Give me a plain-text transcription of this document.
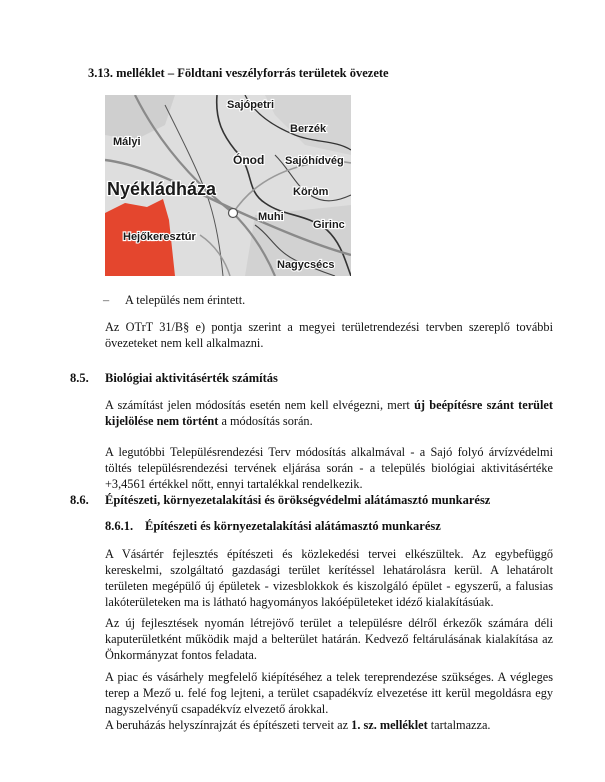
3.13. melléklet – Földtani veszélyforrás területek övezete
Sajópetri
Berzék
Mályi
Ónod Sajóhídvég
Nyékládháza	Köröm
Muhi
Girinc
Hejőkeresztúr
Nagycsécs
– A település nem érintett.

Az OTrT 31/B§ e) pontja szerint a megyei területrendezési tervben szereplő további övezeteket nem kell alkalmazni.

8.5. Biológiai aktivitásérték számítás

A számítást jelen módosítás esetén nem kell elvégezni, mert új beépítésre szánt terület kijelölése nem történt a módosítás során.

A legutóbbi Településrendezési Terv módosítás alkalmával - a Sajó folyó árvízvédelmi töltés településrendezési tervének eljárása során - a település biológiai aktivitásértéke +3,4561 értékkel nőtt, ennyi tartalékkal rendelkezik.

8.6. Építészeti, környezetalakítási és örökségvédelmi alátámasztó munkarész
8.6.1. Építészeti és környezetalakítási alátámasztó munkarész

A Vásártér fejlesztés építészeti és közlekedési tervei elkészültek. Az egybefüggő kereskelmi, szolgáltató gazdasági terület kerítéssel lehatárolásra kerül. A lehatárolt területen megépülő új épületek - vizesblokkok és kiszolgáló épület - egyszerű, a falusias lakóterületeken ma is látható hagyományos lakóépületeket idéző kialakításúak.

Az új fejlesztések nyomán létrejövő terület a településre délről érkezők számára déli kaputerületként működik majd a belterület határán. Kedvező feltárulásának kialakítása az Önkormányzat fontos feladata.

A piac és vásárhely megfelelő kiépítéséhez a telek tereprendezése szükséges. A végleges terep a Mező u. felé fog lejteni, a terület csapadékvíz elvezetése itt kerül megoldásra egy nagyszelvényű csapadékvíz elvezető árokkal.

A beruházás helyszínrajzát és építészeti terveit az 1. sz. melléklet tartalmazza.
